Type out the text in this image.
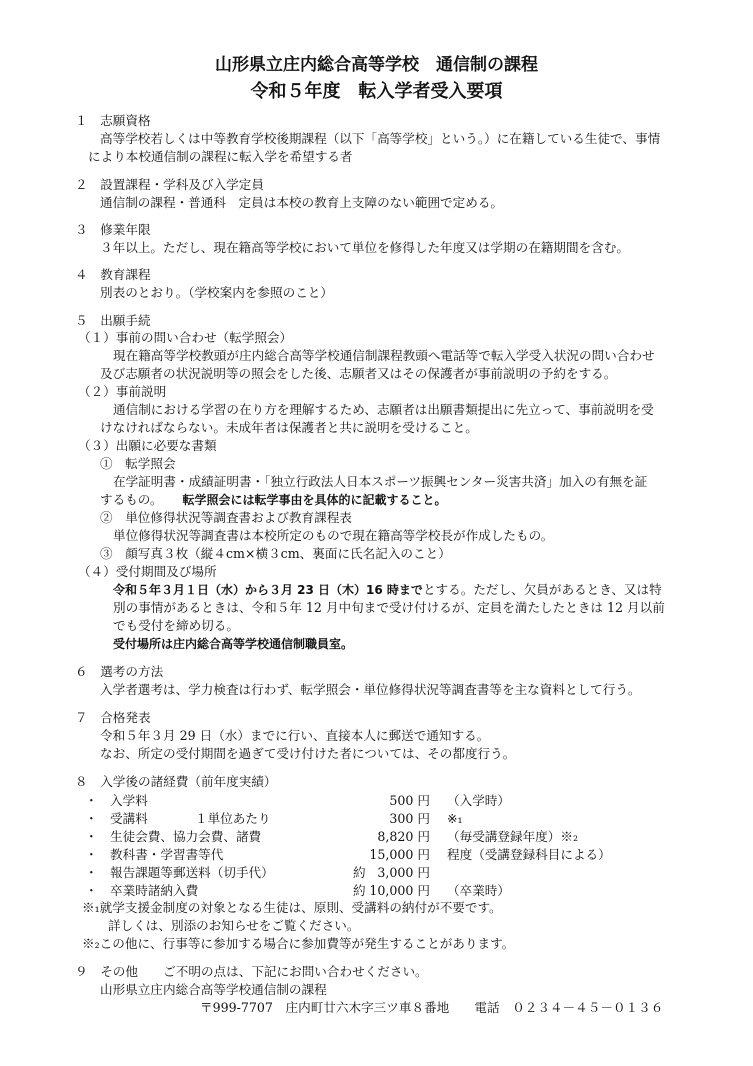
山形県立庄内総合高等学校　通信制の課程
令和５年度　転入学者受入要項
１　志願資格
高等学校若しくは中等教育学校後期課程（以下「高等学校」という。）に在籍している生徒で、事情
により本校通信制の課程に転入学を希望する者
２　設置課程・学科及び入学定員
通信制の課程・普通科　定員は本校の教育上支障のない範囲で定める。
３　修業年限
３年以上。ただし、現在籍高等学校において単位を修得した年度又は学期の在籍期間を含む。
４　教育課程
別表のとおり。（学校案内を参照のこと）
５　出願手続
（１）事前の問い合わせ（転学照会）
現在籍高等学校教頭が庄内総合高等学校通信制課程教頭へ電話等で転入学受入状況の問い合わせ
及び志願者の状況説明等の照会をした後、志願者又はその保護者が事前説明の予約をする。
（２）事前説明
通信制における学習の在り方を理解するため、志願者は出願書類提出に先立って、事前説明を受
けなければならない。未成年者は保護者と共に説明を受けること。
（３）出願に必要な書類
①　転学照会
在学証明書・成績証明書・「独立行政法人日本スポーツ振興センター災害共済」加入の有無を証
するもの。 転学照会には転学事由を具体的に記載すること。
②　単位修得状況等調査書および教育課程表
単位修得状況等調査書は本校所定のもので現在籍高等学校長が作成したもの。
③　顔写真３枚（縦４cm×横３cm、裏面に氏名記入のこと）
（４）受付期間及び場所
令和５年３月１日（水）から３月 23 日（木）16 時までとする。ただし、欠員があるとき、又は特
別の事情があるときは、令和５年 12 月中旬まで受け付けるが、定員を満たしたときは 12 月以前
でも受付を締め切る。
受付場所は庄内総合高等学校通信制職員室。
６　選考の方法
入学者選考は、学力検査は行わず、転学照会・単位修得状況等調査書等を主な資料として行う。
７　合格発表
令和５年３月 29 日（水）までに行い、直接本人に郵送で通知する。
なお、所定の受付期間を過ぎて受け付けた者については、その都度行う。
８　入学後の諸経費（前年度実績）
・ 入学料	500 円 （入学時）
・ 受講料	１単位あたり	300 円 ※₁
・ 生徒会費、協力会費、諸費	8,820 円 （毎受講登録年度）※₂
・ 教科書・学習書等代	15,000 円 程度（受講登録科目による）
・ 報告課題等郵送料（切手代）	約 3,000 円
・ 卒業時諸納入費	約 10,000 円 （卒業時）
※₁就学支援金制度の対象となる生徒は、原則、受講料の納付が不要です。
詳しくは、別添のお知らせをご覧ください。
※₂この他に、行事等に参加する場合に参加費等が発生することがあります。
９　その他　　ご不明の点は、下記にお問い合わせください。
山形県立庄内総合高等学校通信制の課程
〒999-7707　庄内町廿六木字三ツ車８番地　　電話　０２３４－４５－０１３６
